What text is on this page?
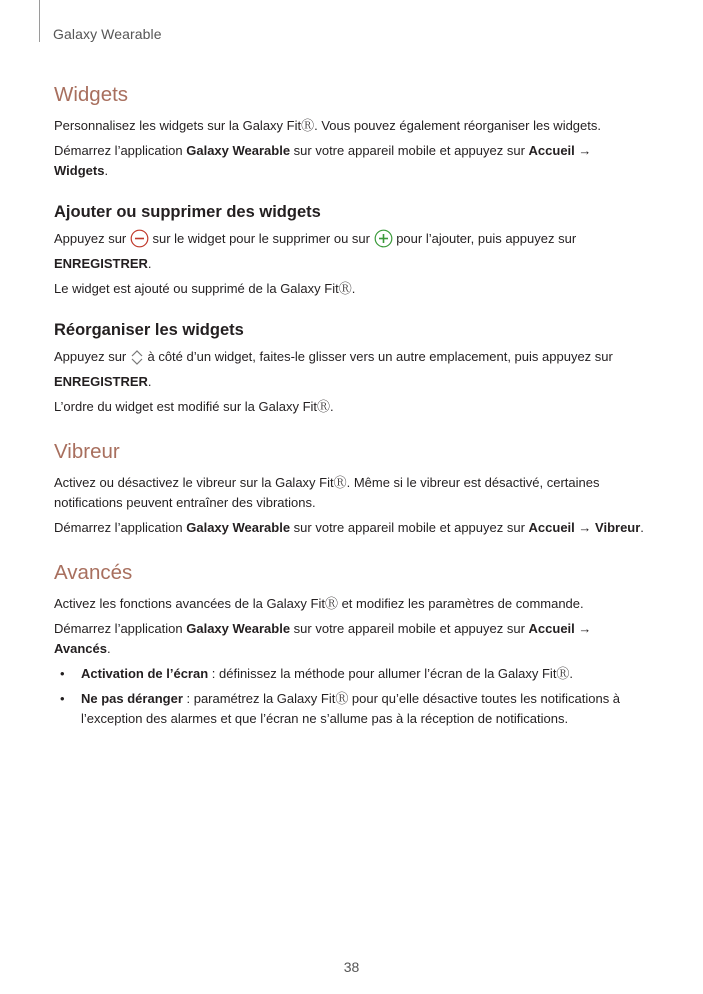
Galaxy Wearable
Widgets

Personnalisez les widgets sur la Galaxy FitⓇ. Vous pouvez également réorganiser les widgets.

Démarrez l’application Galaxy Wearable sur votre appareil mobile et appuyez sur Accueil → Widgets.

Ajouter ou supprimer des widgets

Appuyez sur  sur le widget pour le supprimer ou sur  pour l’ajouter, puis appuyez sur ENREGISTRER.

Le widget est ajouté ou supprimé de la Galaxy FitⓇ.

Réorganiser les widgets

Appuyez sur  à côté d’un widget, faites-le glisser vers un autre emplacement, puis appuyez sur ENREGISTRER.

L’ordre du widget est modifié sur la Galaxy FitⓇ.

Vibreur

Activez ou désactivez le vibreur sur la Galaxy FitⓇ. Même si le vibreur est désactivé, certaines notifications peuvent entraîner des vibrations.

Démarrez l’application Galaxy Wearable sur votre appareil mobile et appuyez sur Accueil → Vibreur.

Avancés

Activez les fonctions avancées de la Galaxy FitⓇ et modifiez les paramètres de commande.

Démarrez l’application Galaxy Wearable sur votre appareil mobile et appuyez sur Accueil → Avancés.

• Activation de l’écran : définissez la méthode pour allumer l’écran de la Galaxy FitⓇ.
• Ne pas déranger : paramétrez la Galaxy FitⓇ pour qu’elle désactive toutes les notifications à l’exception des alarmes et que l’écran ne s’allume pas à la réception de notifications.
38
